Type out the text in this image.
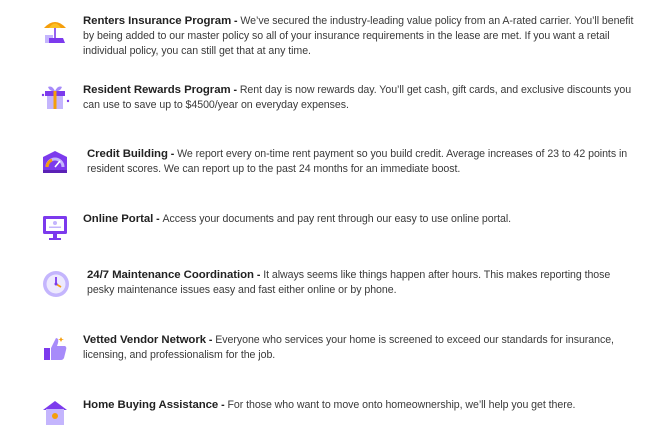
Renters Insurance Program - We’ve secured the industry-leading value policy from an A-rated carrier. You’ll benefit by being added to our master policy so all of your insurance requirements in the lease are met. If you want a retail individual policy, you can still get that at any time.
Resident Rewards Program - Rent day is now rewards day. You’ll get cash, gift cards, and exclusive discounts you can use to save up to $4500/year on everyday expenses.
Credit Building - We report every on-time rent payment so you build credit. Average increases of 23 to 42 points in resident scores. We can report up to the past 24 months for an immediate boost.
Online Portal - Access your documents and pay rent through our easy to use online portal.
24/7 Maintenance Coordination - It always seems like things happen after hours. This makes reporting those pesky maintenance issues easy and fast either online or by phone.
Vetted Vendor Network - Everyone who services your home is screened to exceed our standards for insurance, licensing, and professionalism for the job.
Home Buying Assistance - For those who want to move onto homeownership, we’ll help you get there.
